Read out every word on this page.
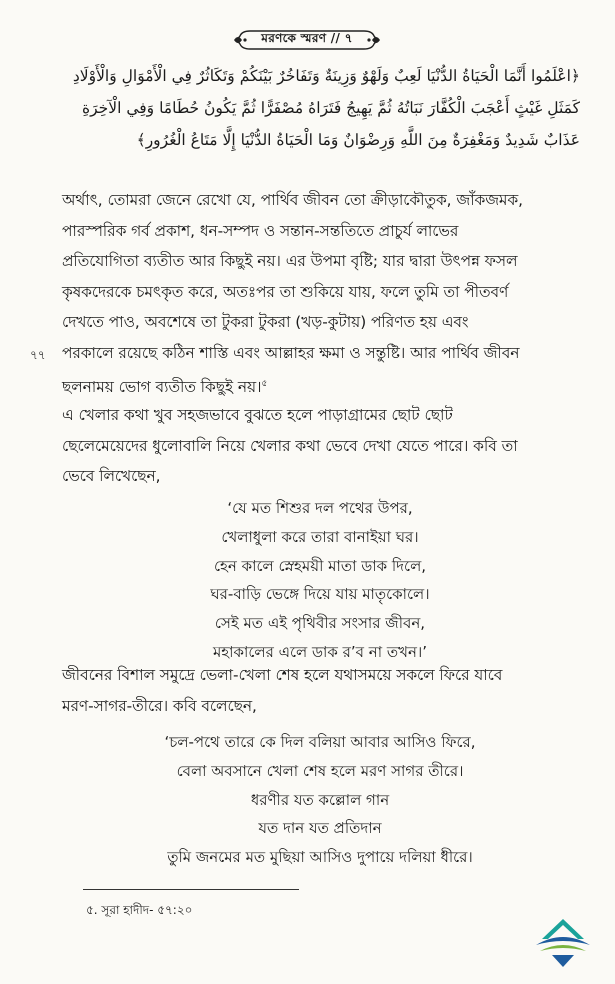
মরণকে স্মরণ // ৭

﴿اعْلَمُوا أَنَّمَا الْحَيَاةُ الدُّنْيَا لَعِبٌ وَلَهْوٌ وَزِينَةٌ وَتَفَاخُرٌ بَيْنَكُمْ وَتَكَاثُرٌ فِي الْأَمْوَالِ وَالْأَوْلَادِ

كَمَثَلِ غَيْثٍ أَعْجَبَ الْكُفَّارَ نَبَاتُهُ ثُمَّ يَهِيجُ فَتَرَاهُ مُصْفَرًّا ثُمَّ يَكُونُ حُطَامًا وَفِي الْآخِرَةِ

عَذَابٌ شَدِيدٌ وَمَغْفِرَةٌ مِنَ اللَّهِ وَرِضْوَانٌ وَمَا الْحَيَاةُ الدُّنْيَا إِلَّا مَتَاعُ الْغُرُورِ﴾

অর্থাৎ, তোমরা জেনে রেখো যে, পার্থিব জীবন তো ক্রীড়াকৌতুক, জাঁকজমক,

পারস্পরিক গর্ব প্রকাশ, ধন-সম্পদ ও সন্তান-সন্ততিতে প্রাচুর্য লাভের

প্রতিযোগিতা ব্যতীত আর কিছুই নয়। এর উপমা বৃষ্টি; যার দ্বারা উৎপন্ন ফসল

কৃষকদেরকে চমৎকৃত করে, অতঃপর তা শুকিয়ে যায়, ফলে তুমি তা পীতবর্ণ

দেখতে পাও, অবশেষে তা টুকরা টুকরা (খড়-কুটায়) পরিণত হয় এবং

পরকালে রয়েছে কঠিন শাস্তি এবং আল্লাহর ক্ষমা ও সন্তুষ্টি। আর পার্থিব জীবন

ছলনাময় ভোগ ব্যতীত কিছুই নয়।$^৫$

৭৭

এ খেলার কথা খুব সহজভাবে বুঝতে হলে পাড়াগ্রামের ছোট ছোট

ছেলেমেয়েদের ধুলোবালি নিয়ে খেলার কথা ভেবে দেখা যেতে পারে। কবি তা

ভেবে লিখেছেন,

‘যে মত শিশুর দল পথের উপর,

খেলাধুলা করে তারা বানাইয়া ঘর।

হেন কালে স্নেহময়ী মাতা ডাক দিলে,

ঘর-বাড়ি ভেঙ্গে দিয়ে যায় মাতৃকোলে।

সেই মত এই পৃথিবীর সংসার জীবন,

মহাকালের এলে ডাক র’ব না তখন।’

জীবনের বিশাল সমুদ্রে ভেলা-খেলা শেষ হলে যথাসময়ে সকলে ফিরে যাবে

মরণ-সাগর-তীরে। কবি বলেছেন,

‘চল-পথে তারে কে দিল বলিয়া আবার আসিও ফিরে,

বেলা অবসানে খেলা শেষ হলে মরণ সাগর তীরে।

ধরণীর যত কল্লোল গান

যত দান যত প্রতিদান

তুমি জনমের মত মুছিয়া আসিও দুপায়ে দলিয়া ধীরে।

৫. সূরা হাদীদ- ৫৭:২০
